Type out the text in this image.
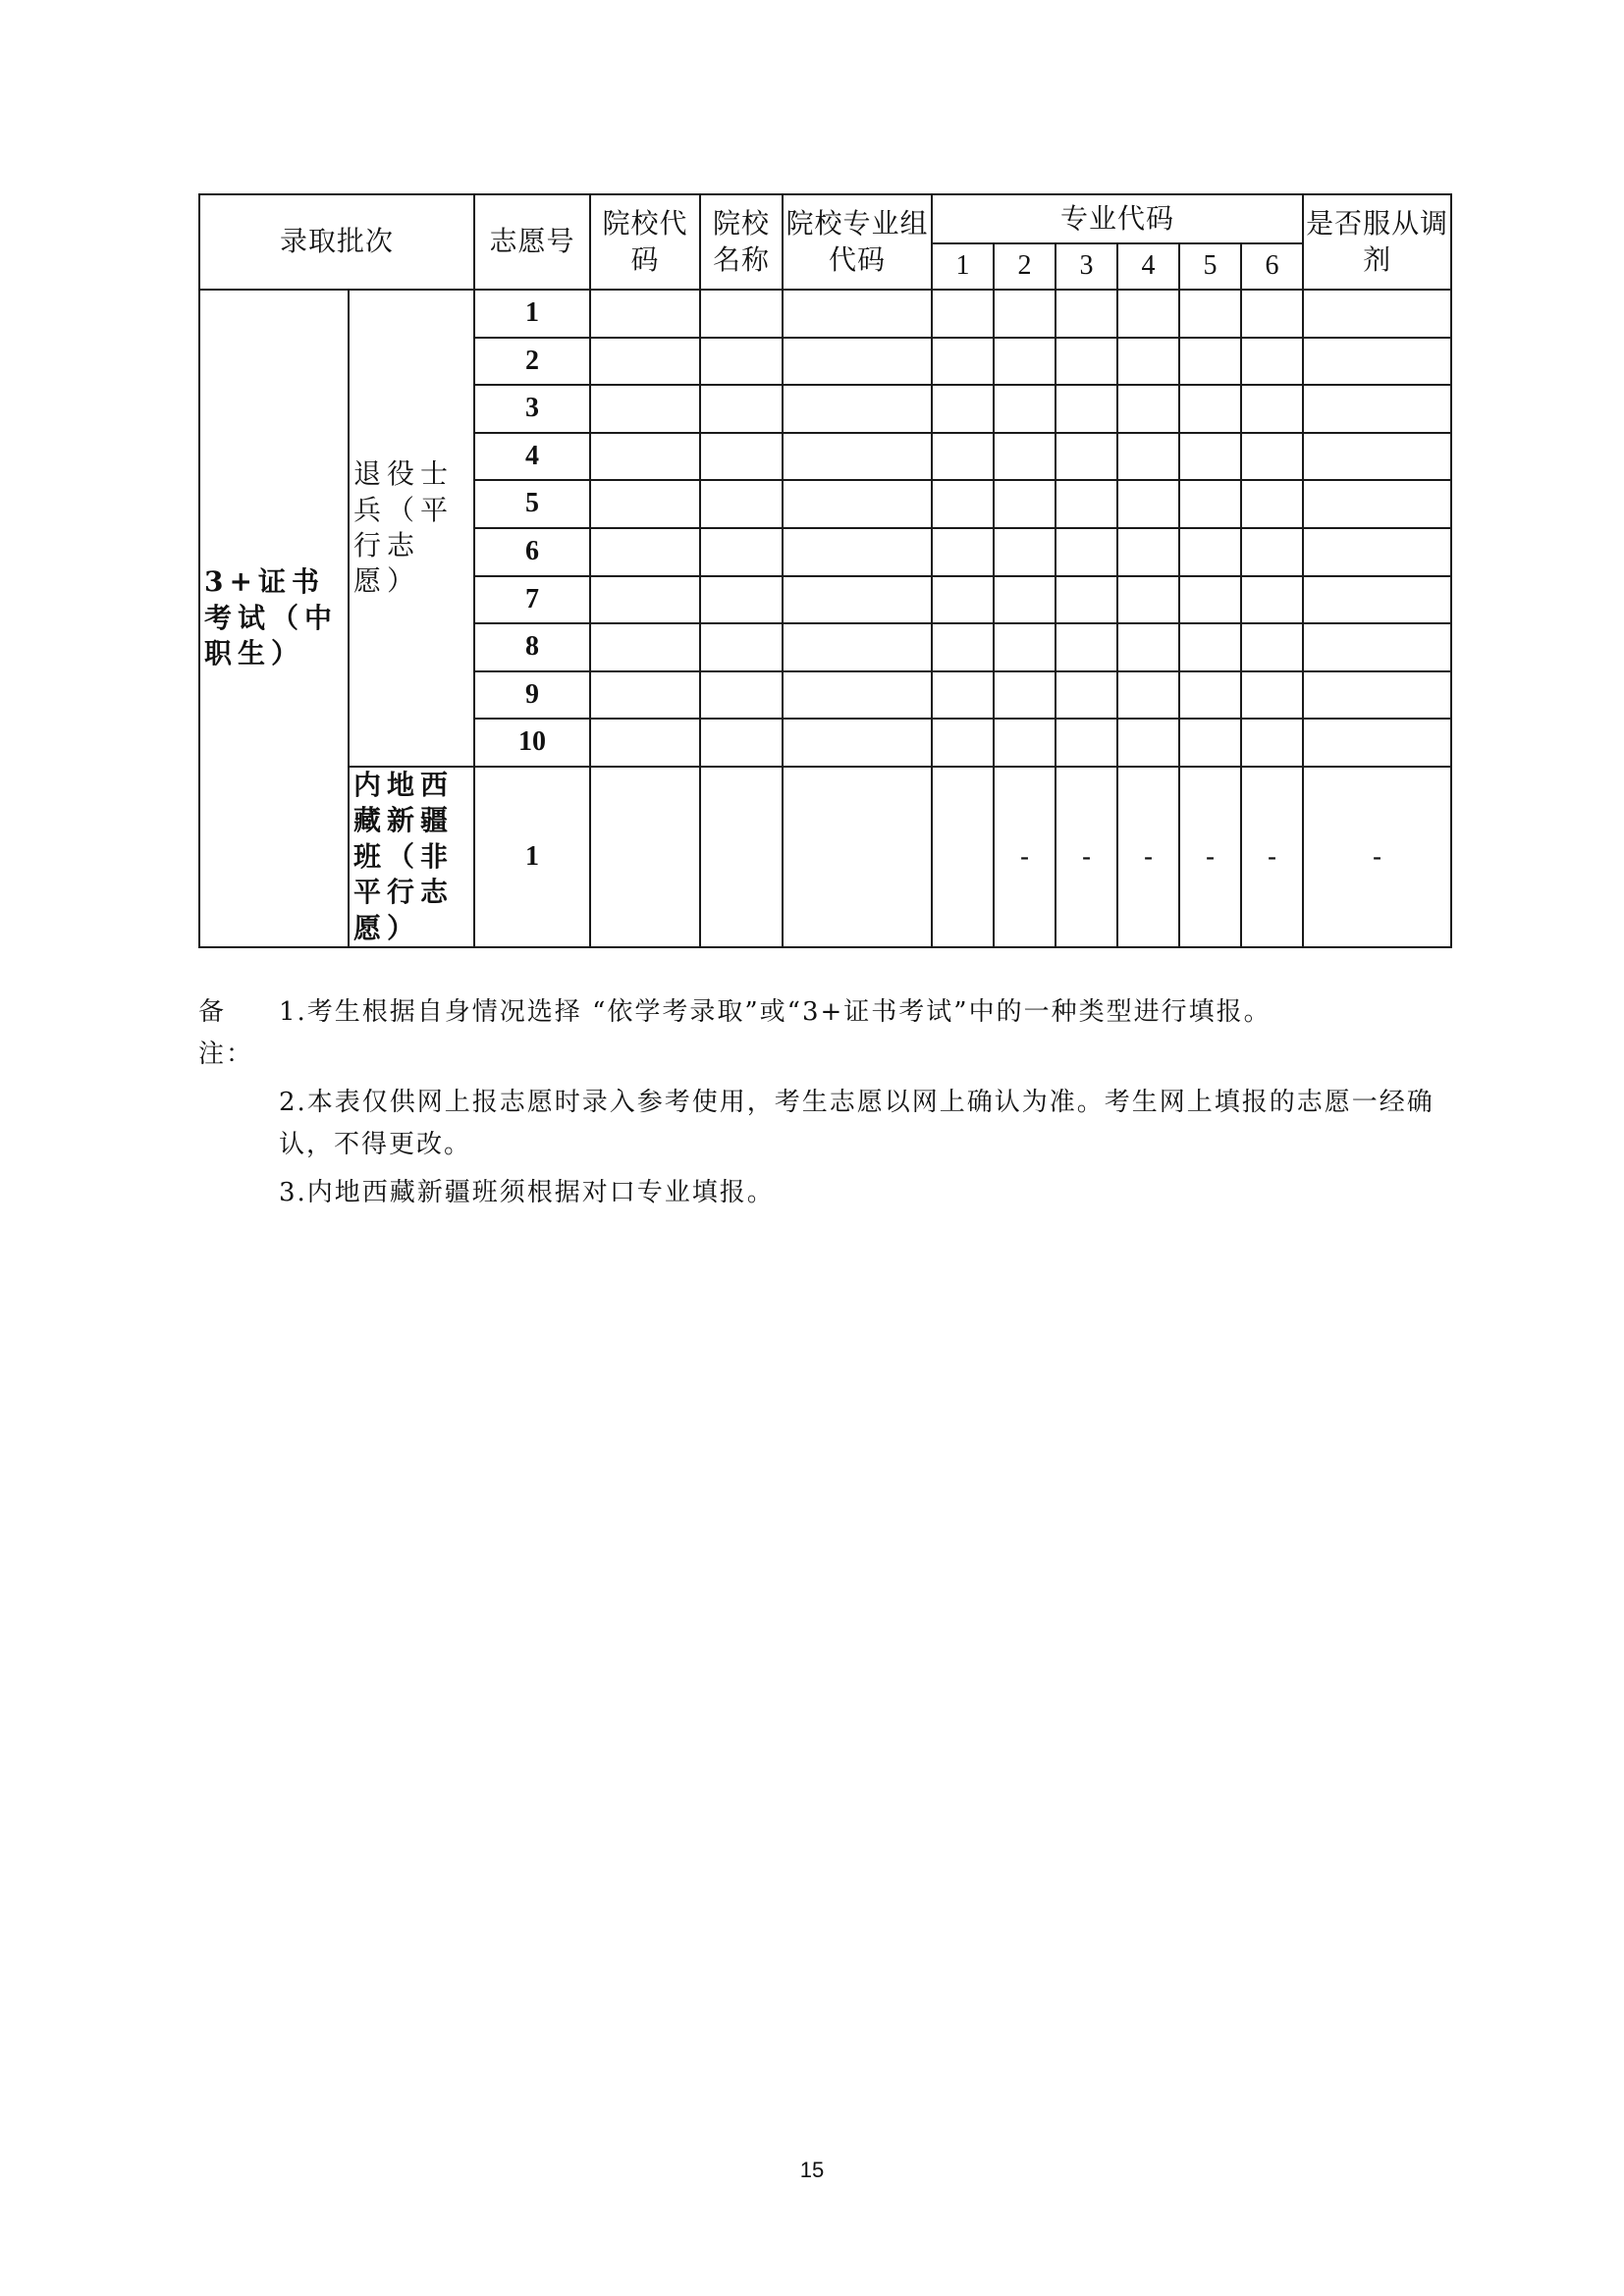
录取批次		志愿号	院校代码	院校名称	院校专业组代码	专业代码						是否服从调剂
						1	2	3	4	5	6	
3+证书考试（中职生）	退役士兵（平行志愿）	1										
		2										
		3										
		4										
		5										
		6										
		7										
		8										
		9										
		10										
	内地西藏新疆班（非平行志愿）	1					-	-	-	-	-	-
备注：
1.考生根据自身情况选择 “依学考录取”或“3+证书考试”中的一种类型进行填报。
2.本表仅供网上报志愿时录入参考使用，考生志愿以网上确认为准。考生网上填报的志愿一经确认，不得更改。
3.内地西藏新疆班须根据对口专业填报。
15
